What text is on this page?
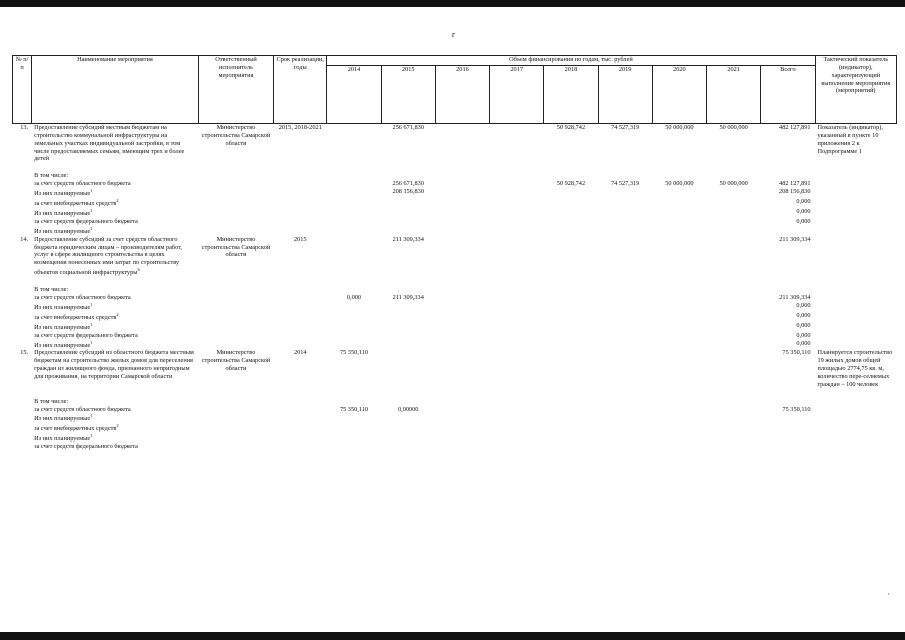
г
·
№ п/п	Наименование мероприятия	Ответственный исполнитель мероприятия	Срок реализации, годы	Объем финансирования по годам, тыс. рублей									Тактический показатель (индикатор), характеризующий выполнение мероприятия (мероприятий)
				2014	2015	2016	2017	2018	2019	2020	2021	Всего	
13.	Предоставление субсидий местным бюджетам на строительство коммунальной инфраструктуры на земельных участках индивидуальной застройки, в том числе предоставляемых семьям, имеющим трех и более детей	Министерство строительства Самарской области	2015, 2018-2021		256 671,830			50 928,742	74 527,319	50 000,000	50 000,000	482 127,891	Показатель (индикатор), указанный в пункте 10 приложения 2 к Подпрограмме 1

	В том числе:												
	за счет средств областного бюджета				256 671,830			50 928,742	74 527,319	50 000,000	50 000,000	482 127,891	
	Из них планируемые$^1$				208 156,830							208 156,830	
	за счет внебюджетных средств$^2$											0,000	
	Из них планируемые$^1$											0,000	
	за счет средств федерального бюджета											0,000	
	Из них планируемые$^1$												
14.	Предоставление субсидий за счет средств областного бюджета юридическим лицам – производителям работ, услуг в сфере жилищного строительства в целях возмещения понесенных ими затрат по строительству объектов социальной инфраструктуры$^6$	Министерство строительства Самарской области	2015		211 309,334							211 309,334	

	В том числе:												
	за счет средств областного бюджета			0,000	211 309,334							211 309,334	
	Из них планируемые$^1$											0,000	
	за счет внебюджетных средств$^2$											0,000	
	Из них планируемые$^1$											0,000	
	за счет средств федерального бюджета											0,000	
	Из них планируемые$^1$											0,000	
15.	Предоставление субсидий из областного бюджета местным бюджетам на строительство жилых домов для переселения граждан из жилищного фонда, признанного непригодным для проживания, на территории Самарской области	Министерство строительства Самарской области	2014	75 350,110								75 350,110	Планируется строительство 19 жилых домов общей площадью 2774,75 кв. м, количество пере-селяемых граждан – 100 человек

	В том числе:												
	за счет средств областного бюджета			75 350,110	0,00000							75 350,110	
	Из них планируемые$^1$												
	за счет внебюджетных средств$^2$												
	Из них планируемые$^1$												
	за счет средств федерального бюджета												
